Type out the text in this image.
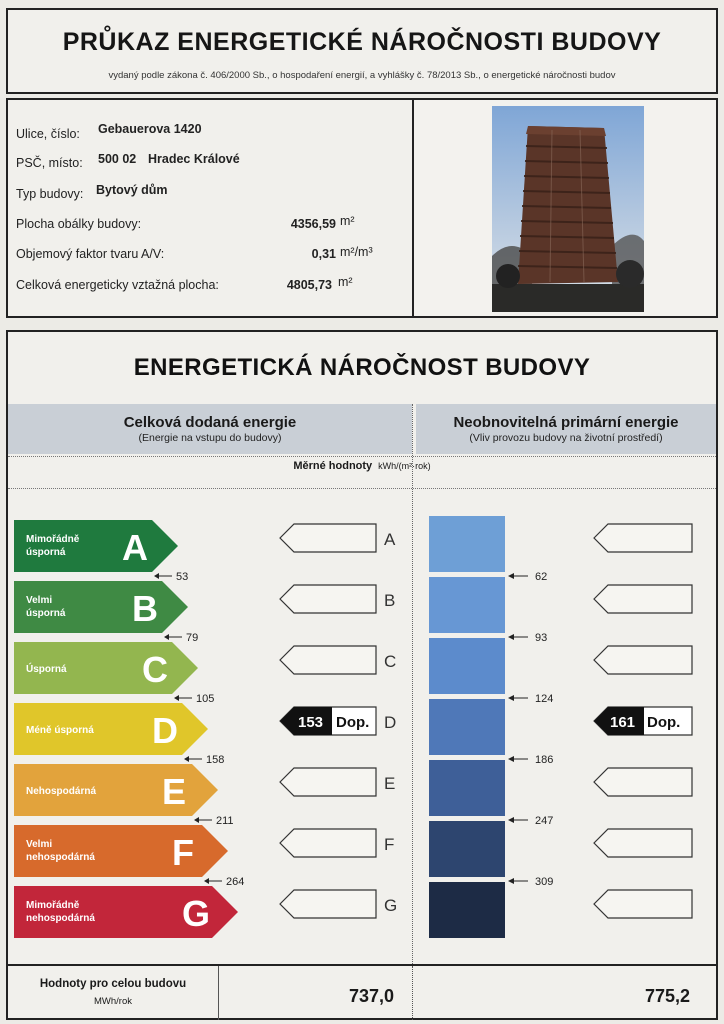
PRŮKAZ ENERGETICKÉ NÁROČNOSTI BUDOVY
vydaný podle zákona č. 406/2000 Sb., o hospodaření energií, a vyhlášky č. 78/2013 Sb., o energetické náročnosti budov
Ulice, číslo: Gebauerova 1420
PSČ, místo: 500 02 Hradec Králové
Typ budovy: Bytový dům
Plocha obálky budovy:	4356,59 m²
Objemový faktor tvaru A/V:	0,31 m²/m³
Celková energeticky vztažná plocha:	4805,73 m²
ENERGETICKÁ NÁROČNOST BUDOVY
Celková dodaná energie
(Energie na vstupu do budovy)
Neobnovitelná primární energie
(Vliv provozu budovy na životní prostředí)
Měrné hodnoty kWh/(m²·rok)
Mimořádně
úsporná A	A
53	62
Velmi
úsporná B	B
79	93
Úsporná C	C
105	124
Méně úsporná D	153 Dop. D	161 Dop.
158	186
Nehospodárná E	E
211	247
Velmi
nehospodárná F	F
264	309
Mimořádně
nehospodárná G	G
Hodnoty pro celou budovu
MWh/rok	737,0	775,2
